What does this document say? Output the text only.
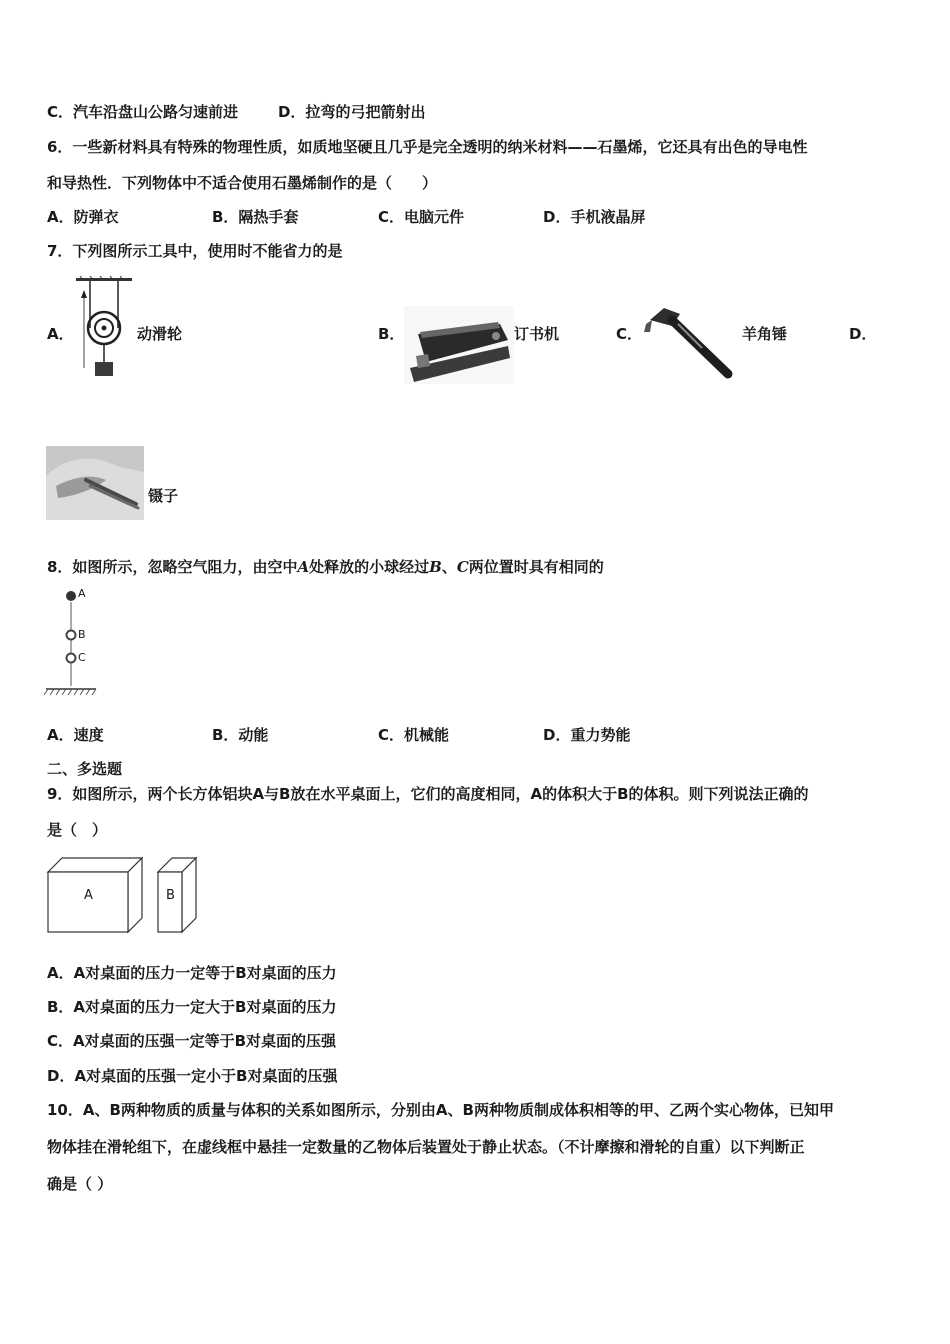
C．汽车沿盘山公路匀速前进	D．拉弯的弓把箭射出
6．一些新材料具有特殊的物理性质，如质地坚硬且几乎是完全透明的纳米材料——石墨烯，它还具有出色的导电性
和导热性．下列物体中不适合使用石墨烯制作的是（　　）
A．防弹衣	B．隔热手套	C．电脑元件	D．手机液晶屏
7．下列图所示工具中，使用时不能省力的是
A．	动滑轮	B．	订书机	C．	羊角锤	D．
镊子
8．如图所示，忽略空气阻力，由空中A处释放的小球经过B、C两位置时具有相同的
A
B
C
A．速度	B．动能	C．机械能	D．重力势能
二、多选题
9．如图所示，两个长方体铝块A与B放在水平桌面上，它们的高度相同，A的体积大于B的体积。则下列说法正确的
是（　）
A	B
A．A对桌面的压力一定等于B对桌面的压力
B．A对桌面的压力一定大于B对桌面的压力
C．A对桌面的压强一定等于B对桌面的压强
D．A对桌面的压强一定小于B对桌面的压强
10．A、B两种物质的质量与体积的关系如图所示，分别由A、B两种物质制成体积相等的甲、乙两个实心物体，已知甲
物体挂在滑轮组下，在虚线框中悬挂一定数量的乙物体后装置处于静止状态。（不计摩擦和滑轮的自重）以下判断正
确是（ ）
